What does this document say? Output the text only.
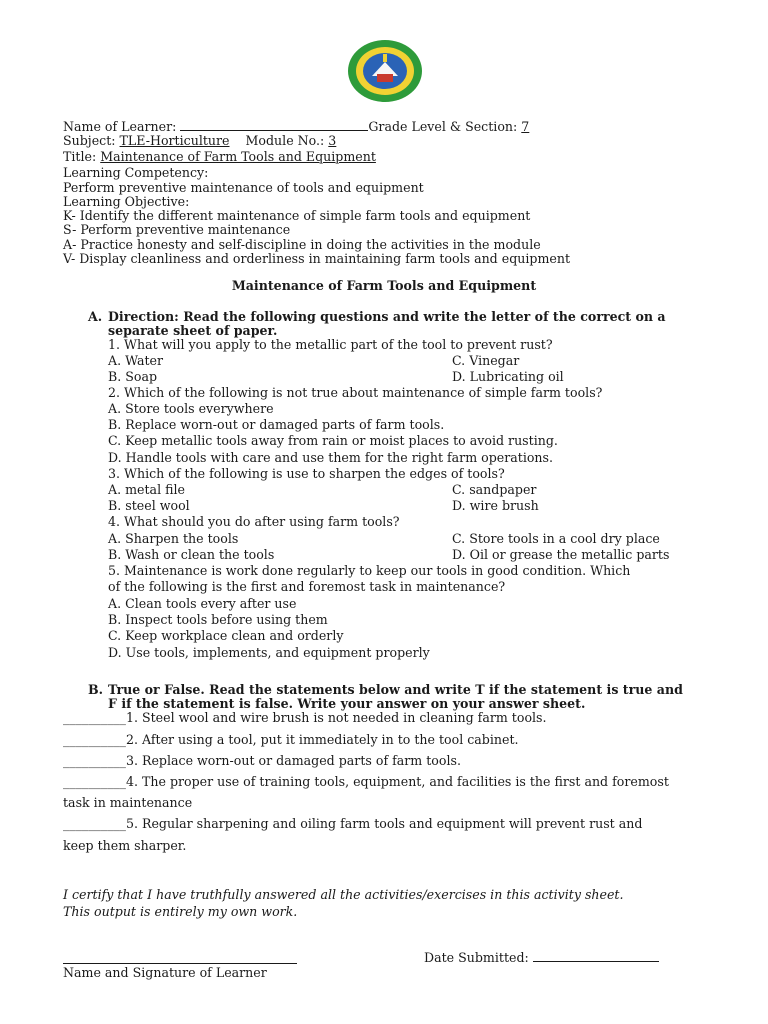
Name of Learner:	Grade Level & Section: 7
Subject: TLE-Horticulture Module No.: 3
Title: Maintenance of Farm Tools and Equipment
Learning Competency:
Perform preventive maintenance of tools and equipment
Learning Objective:
K- Identify the different maintenance of simple farm tools and equipment
S- Perform preventive maintenance
A- Practice honesty and self-discipline in doing the activities in the module
V- Display cleanliness and orderliness in maintaining farm tools and equipment
Maintenance of Farm Tools and Equipment
A. Direction: Read the following questions and write the letter of the correct on a
separate sheet of paper.
1. What will you apply to the metallic part of the tool to prevent rust?
A. Water	C. Vinegar
B. Soap	D. Lubricating oil
2. Which of the following is not true about maintenance of simple farm tools?
A. Store tools everywhere
B. Replace worn-out or damaged parts of farm tools.
C. Keep metallic tools away from rain or moist places to avoid rusting.
D. Handle tools with care and use them for the right farm operations.
3. Which of the following is use to sharpen the edges of tools?
A. metal file	C. sandpaper
B. steel wool	D. wire brush
4. What should you do after using farm tools?
A. Sharpen the tools	C. Store tools in a cool dry place
B. Wash or clean the tools	D. Oil or grease the metallic parts
5. Maintenance is work done regularly to keep our tools in good condition. Which
of the following is the first and foremost task in maintenance?
A. Clean tools every after use
B. Inspect tools before using them
C. Keep workplace clean and orderly
D. Use tools, implements, and equipment properly
B. True or False. Read the statements below and write T if the statement is true and
F if the statement is false. Write your answer on your answer sheet.
__________1. Steel wool and wire brush is not needed in cleaning farm tools.
__________2. After using a tool, put it immediately in to the tool cabinet.
__________3. Replace worn-out or damaged parts of farm tools.
__________4. The proper use of training tools, equipment, and facilities is the first and foremost
task in maintenance
__________5. Regular sharpening and oiling farm tools and equipment will prevent rust and
keep them sharper.
I certify that I have truthfully answered all the activities/exercises in this activity sheet.
This output is entirely my own work.
Name and Signature of Learner
Date Submitted:
